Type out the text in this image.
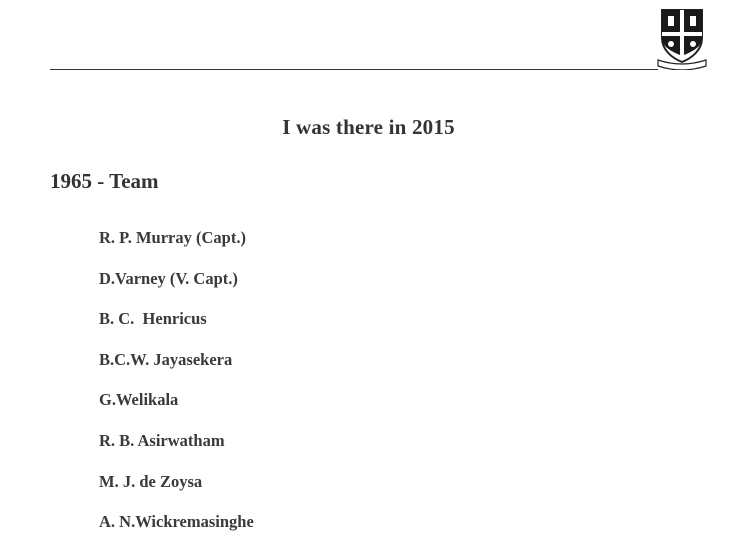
I was there in 2015
1965 - Team
R. P. Murray (Capt.)
D.Varney (V. Capt.)
B. C.  Henricus
B.C.W. Jayasekera
G.Welikala
R. B. Asirwatham
M. J. de Zoysa
A. N.Wickremasinghe
